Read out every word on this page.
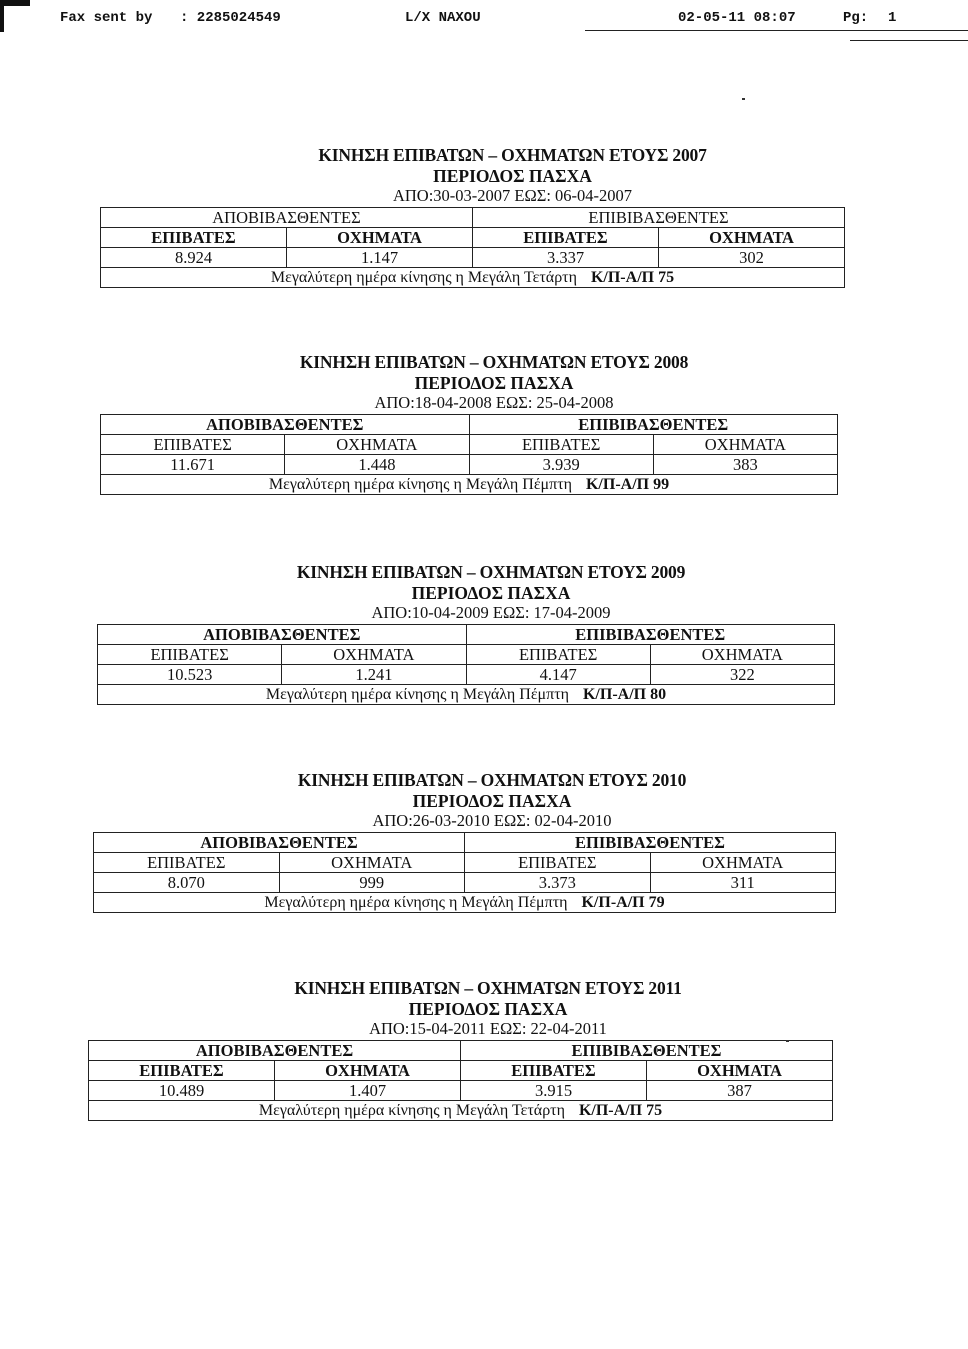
Fax sent by : 2285024549	L/X NAXOU	02-05-11 08:07	Pg: 1
ΚΙΝΗΣΗ ΕΠΙΒΑΤΩΝ – ΟΧΗΜΑΤΩΝ ΕΤΟΥΣ 2007
ΠΕΡΙΟΔΟΣ ΠΑΣΧΑ
ΑΠΟ:30-03-2007 ΕΩΣ: 06-04-2007
ΑΠΟΒΙΒΑΣΘΕΝΤΕΣ		ΕΠΙΒΙΒΑΣΘΕΝΤΕΣ	
ΕΠΙΒΑΤΕΣ	ΟΧΗΜΑΤΑ	ΕΠΙΒΑΤΕΣ	ΟΧΗΜΑΤΑ
8.924	1.147	3.337	302
Μεγαλύτερη ημέρα κίνησης η Μεγάλη Τετάρτη Κ/Π-Α/Π 75			
ΚΙΝΗΣΗ ΕΠΙΒΑΤΩΝ – ΟΧΗΜΑΤΩΝ ΕΤΟΥΣ 2008
ΠΕΡΙΟΔΟΣ ΠΑΣΧΑ
ΑΠΟ:18-04-2008 ΕΩΣ: 25-04-2008
ΑΠΟΒΙΒΑΣΘΕΝΤΕΣ		ΕΠΙΒΙΒΑΣΘΕΝΤΕΣ	
ΕΠΙΒΑΤΕΣ	ΟΧΗΜΑΤΑ	ΕΠΙΒΑΤΕΣ	ΟΧΗΜΑΤΑ
11.671	1.448	3.939	383
Μεγαλύτερη ημέρα κίνησης η Μεγάλη Πέμπτη Κ/Π-Α/Π 99			
ΚΙΝΗΣΗ ΕΠΙΒΑΤΩΝ – ΟΧΗΜΑΤΩΝ ΕΤΟΥΣ 2009
ΠΕΡΙΟΔΟΣ ΠΑΣΧΑ
ΑΠΟ:10-04-2009 ΕΩΣ: 17-04-2009
ΑΠΟΒΙΒΑΣΘΕΝΤΕΣ		ΕΠΙΒΙΒΑΣΘΕΝΤΕΣ	
ΕΠΙΒΑΤΕΣ	ΟΧΗΜΑΤΑ	ΕΠΙΒΑΤΕΣ	ΟΧΗΜΑΤΑ
10.523	1.241	4.147	322
Μεγαλύτερη ημέρα κίνησης η Μεγάλη Πέμπτη Κ/Π-Α/Π 80			
ΚΙΝΗΣΗ ΕΠΙΒΑΤΩΝ – ΟΧΗΜΑΤΩΝ ΕΤΟΥΣ 2010
ΠΕΡΙΟΔΟΣ ΠΑΣΧΑ
ΑΠΟ:26-03-2010 ΕΩΣ: 02-04-2010
ΑΠΟΒΙΒΑΣΘΕΝΤΕΣ		ΕΠΙΒΙΒΑΣΘΕΝΤΕΣ	
ΕΠΙΒΑΤΕΣ	ΟΧΗΜΑΤΑ	ΕΠΙΒΑΤΕΣ	ΟΧΗΜΑΤΑ
8.070	999	3.373	311
Μεγαλύτερη ημέρα κίνησης η Μεγάλη Πέμπτη Κ/Π-Α/Π 79			
ΚΙΝΗΣΗ ΕΠΙΒΑΤΩΝ – ΟΧΗΜΑΤΩΝ ΕΤΟΥΣ 2011
ΠΕΡΙΟΔΟΣ ΠΑΣΧΑ
ΑΠΟ:15-04-2011 ΕΩΣ: 22-04-2011
ΑΠΟΒΙΒΑΣΘΕΝΤΕΣ		ΕΠΙΒΙΒΑΣΘΕΝΤΕΣ	
ΕΠΙΒΑΤΕΣ	ΟΧΗΜΑΤΑ	ΕΠΙΒΑΤΕΣ	ΟΧΗΜΑΤΑ
10.489	1.407	3.915	387
Μεγαλύτερη ημέρα κίνησης η Μεγάλη Τετάρτη Κ/Π-Α/Π 75			
